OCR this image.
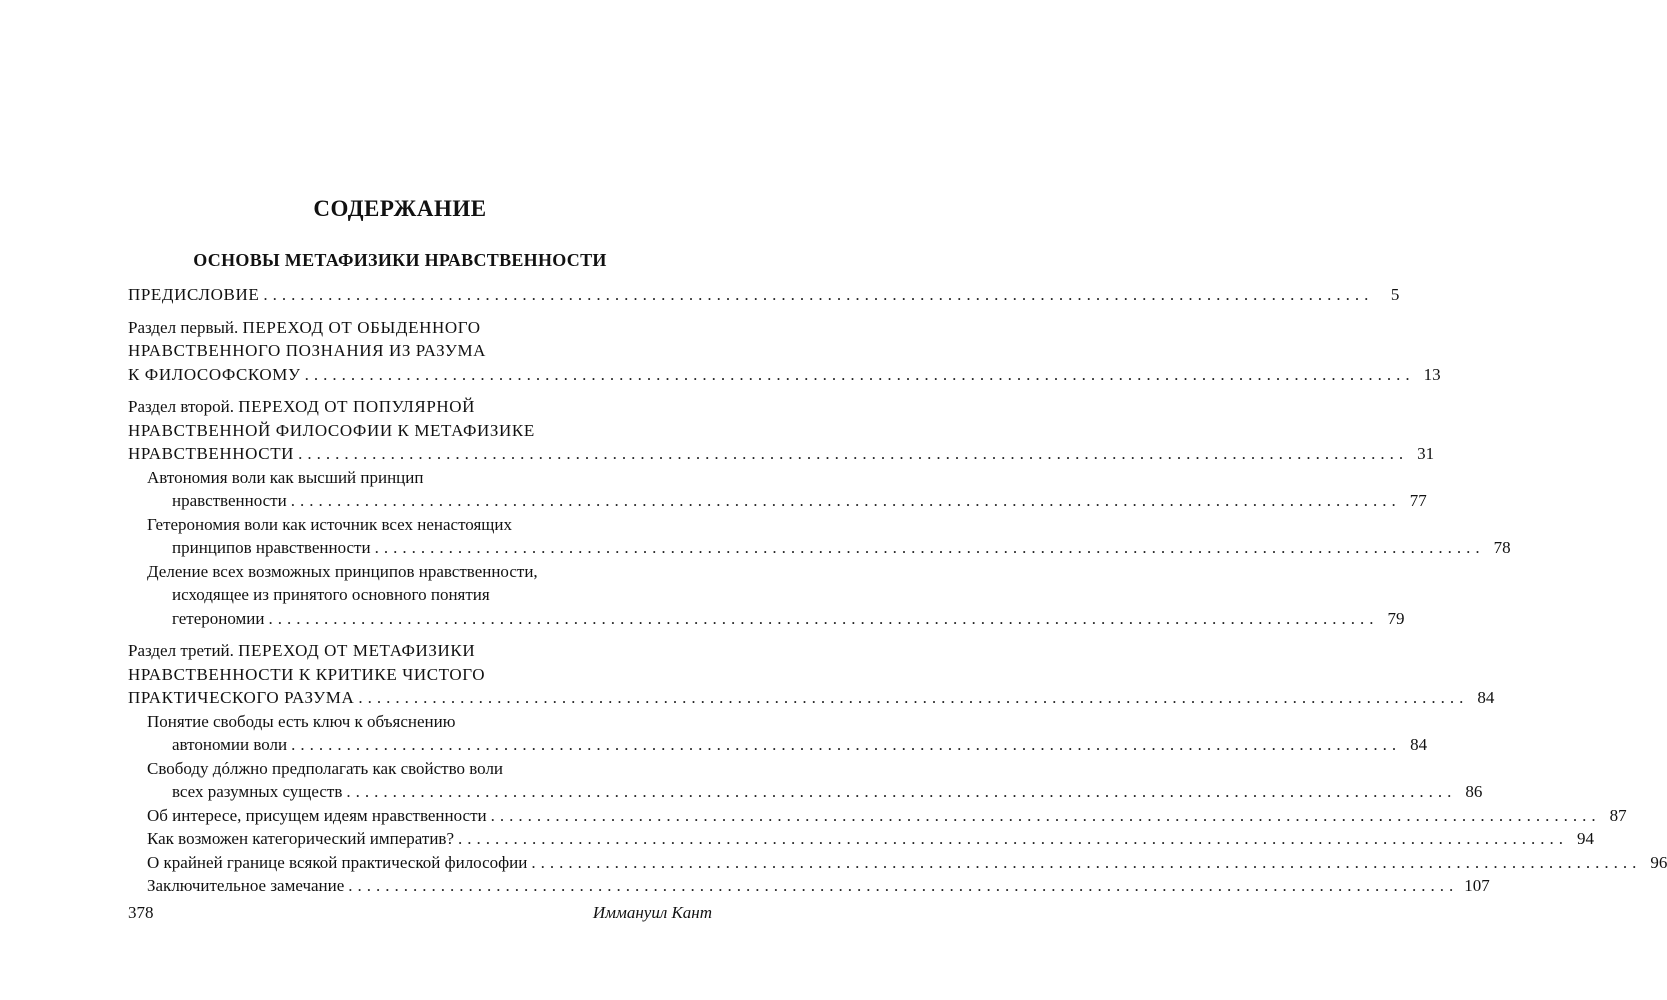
СОДЕРЖАНИЕ
ОСНОВЫ МЕТАФИЗИКИ НРАВСТВЕННОСТИ
ПРЕДИСЛОВИЕ ........................................................................................................................	5
Раздел первый. ПЕРЕХОД ОТ ОБЫДЕННОГО
НРАВСТВЕННОГО ПОЗНАНИЯ ИЗ РАЗУМА
К ФИЛОСОФСКОМУ ........................................................................................................................ 13
Раздел второй. ПЕРЕХОД ОТ ПОПУЛЯРНОЙ
НРАВСТВЕННОЙ ФИЛОСОФИИ К МЕТАФИЗИКЕ
НРАВСТВЕННОСТИ ........................................................................................................................ 31
Автономия воли как высший принцип
нравственности ........................................................................................................................ 77
Гетерономия воли как источник всех ненастоящих
принципов нравственности ........................................................................................................................ 78
Деление всех возможных принципов нравственности,
исходящее из принятого основного понятия
гетерономии ........................................................................................................................ 79
Раздел третий. ПЕРЕХОД ОТ МЕТАФИЗИКИ
НРАВСТВЕННОСТИ К КРИТИКЕ ЧИСТОГО
ПРАКТИЧЕСКОГО РАЗУМА ........................................................................................................................ 84
Понятие свободы есть ключ к объяснению
автономии воли ........................................................................................................................ 84
Свободу дóлжно предполагать как свойство воли
всех разумных существ ........................................................................................................................ 86
Об интересе, присущем идеям нравственности ........................................................................................................................ 87
Как возможен категорический императив? ........................................................................................................................ 94
О крайней границе всякой практической философии ........................................................................................................................ 96
Заключительное замечание ........................................................................................................................ 107
378	Иммануил Кант
